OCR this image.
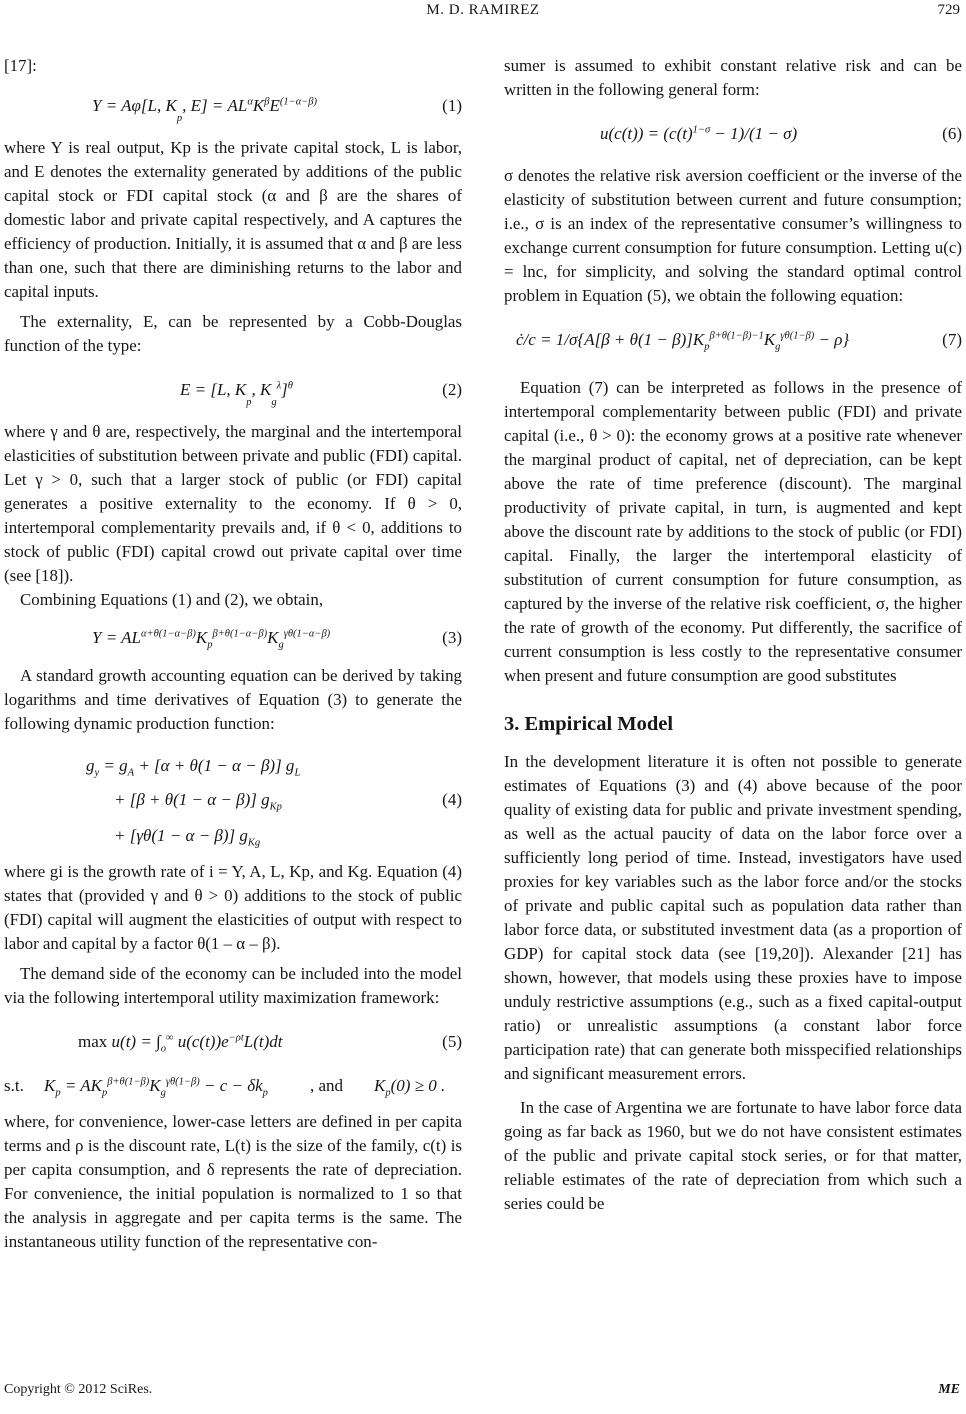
M. D. RAMIREZ	729

[17]:

Y = Aφ[L, $K_p$, $E] = AL^\alpha K^\beta E^{(1-\alpha-\beta)}$	(1)

where Y is real output, Kp is the private capital stock, L is labor, and E denotes the externality generated by additions of the public capital stock or FDI capital stock (α and β are the shares of domestic labor and private capital respectively, and A captures the efficiency of production. Initially, it is assumed that α and β are less than one, such that there are diminishing returns to the labor and capital inputs.

The externality, E, can be represented by a Cobb-Douglas function of the type:

E = [L, $K_p$, $K_g^\lambda]^\theta$	(2)

where γ and θ are, respectively, the marginal and the intertemporal elasticities of substitution between private and public (FDI) capital. Let γ > 0, such that a larger stock of public (or FDI) capital generates a positive externality to the economy. If θ > 0, intertemporal complementarity prevails and, if θ < 0, additions to stock of public (FDI) capital crowd out private capital over time (see [18]).

Combining Equations (1) and (2), we obtain,

$Y = AL^{\alpha+\theta(1-\alpha-\beta)}K_p^{\beta+\theta(1-\alpha-\beta)}K_g^{\gamma\theta(1-\alpha-\beta)}$	(3)

A standard growth accounting equation can be derived by taking logarithms and time derivatives of Equation (3) to generate the following dynamic production function:

$g_y = g_A + [\alpha + \theta(1 - \alpha - \beta)]$ $g_L$
+ [β + θ(1 − α − β)] $g_{Kp}$
+ [γθ(1 − α − β)] $g_{Kg}$
(4)

where gi is the growth rate of i = Y, A, L, Kp, and Kg. Equation (4) states that (provided γ and θ > 0) additions to the stock of public (FDI) capital will augment the elasticities of output with respect to labor and capital by a factor θ(1 – α – β).

The demand side of the economy can be included into the model via the following intertemporal utility maximization framework:

$\max u(t) = \int_o^\infty$ $u(c(t))e^{-\rho t}L(t)dt$	(5)
s.t. $K_p = AK_p^{\beta+\theta(1-\beta)}K_g^{\gamma\theta(1-\beta)} - c - \delta k_p$ , and $K_p(0) \ge 0$ .

where, for convenience, lower-case letters are defined in per capita terms and ρ is the discount rate, L(t) is the size of the family, c(t) is per capita consumption, and δ represents the rate of depreciation. For convenience, the initial population is normalized to 1 so that the analysis in aggregate and per capita terms is the same. The instantaneous utility function of the representative con-

sumer is assumed to exhibit constant relative risk and can be written in the following general form:

$u(c(t)) = (c(t)^{1-\sigma} - 1)/(1 - \sigma)$	(6)

σ denotes the relative risk aversion coefficient or the inverse of the elasticity of substitution between current and future consumption; i.e., σ is an index of the representative consumer’s willingness to exchange current consumption for future consumption. Letting u(c) = lnc, for simplicity, and solving the standard optimal control problem in Equation (5), we obtain the following equation:

ċ/c = $1/\sigma\{A[\beta + \theta(1 - \beta)]K_p^{\beta+\theta(1-\beta)-1}K_g^{\gamma\theta(1-\beta)} - \rho\}$	(7)

Equation (7) can be interpreted as follows in the presence of intertemporal complementarity between public (FDI) and private capital (i.e., θ > 0): the economy grows at a positive rate whenever the marginal product of capital, net of depreciation, can be kept above the rate of time preference (discount). The marginal productivity of private capital, in turn, is augmented and kept above the discount rate by additions to the stock of public (or FDI) capital. Finally, the larger the intertemporal elasticity of substitution of current consumption for future consumption, as captured by the inverse of the relative risk coefficient, σ, the higher the rate of growth of the economy. Put differently, the sacrifice of current consumption is less costly to the representative consumer when present and future consumption are good substitutes

3. Empirical Model

In the development literature it is often not possible to generate estimates of Equations (3) and (4) above because of the poor quality of existing data for public and private investment spending, as well as the actual paucity of data on the labor force over a sufficiently long period of time. Instead, investigators have used proxies for key variables such as the labor force and/or the stocks of private and public capital such as population data rather than labor force data, or substituted investment data (as a proportion of GDP) for capital stock data (see [19,20]). Alexander [21] has shown, however, that models using these proxies have to impose unduly restrictive assumptions (e.g., such as a fixed capital-output ratio) or unrealistic assumptions (a constant labor force participation rate) that can generate both misspecified relationships and significant measurement errors.

In the case of Argentina we are fortunate to have labor force data going as far back as 1960, but we do not have consistent estimates of the public and private capital stock series, or for that matter, reliable estimates of the rate of depreciation from which such a series could be

Copyright © 2012 SciRes.	ME
